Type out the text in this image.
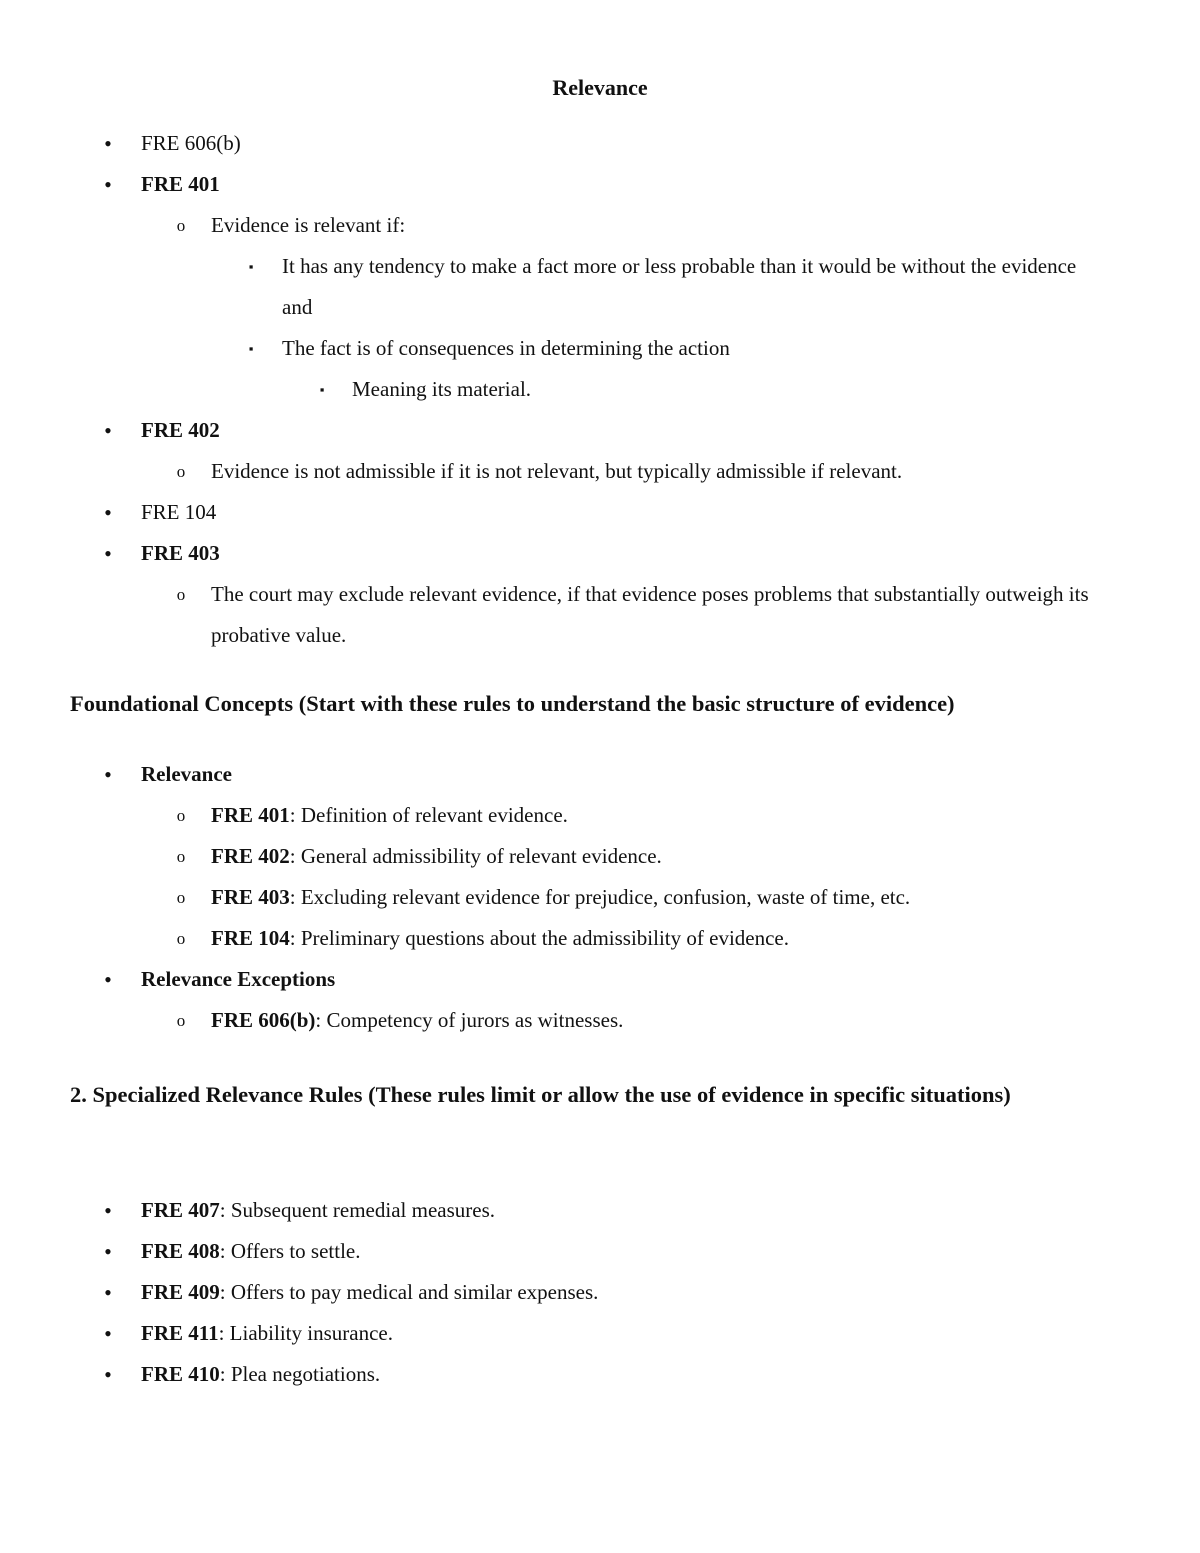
Relevance
• FRE 606(b)
• FRE 401
o Evidence is relevant if:
▪	It has any tendency to make a fact more or less probable than it would be without the evidence and
▪	The fact is of consequences in determining the action
▪	Meaning its material.
• FRE 402
o Evidence is not admissible if it is not relevant, but typically admissible if relevant.
• FRE 104
• FRE 403
o The court may exclude relevant evidence, if that evidence poses problems that substantially outweigh its probative value.
Foundational Concepts (Start with these rules to understand the basic structure of evidence)
• Relevance
o FRE 401: Definition of relevant evidence.
o FRE 402: General admissibility of relevant evidence.
o FRE 403: Excluding relevant evidence for prejudice, confusion, waste of time, etc.
o FRE 104: Preliminary questions about the admissibility of evidence.
• Relevance Exceptions
o FRE 606(b): Competency of jurors as witnesses.
2. Specialized Relevance Rules (These rules limit or allow the use of evidence in specific situations)
• FRE 407: Subsequent remedial measures.
• FRE 408: Offers to settle.
• FRE 409: Offers to pay medical and similar expenses.
• FRE 411: Liability insurance.
• FRE 410: Plea negotiations.
